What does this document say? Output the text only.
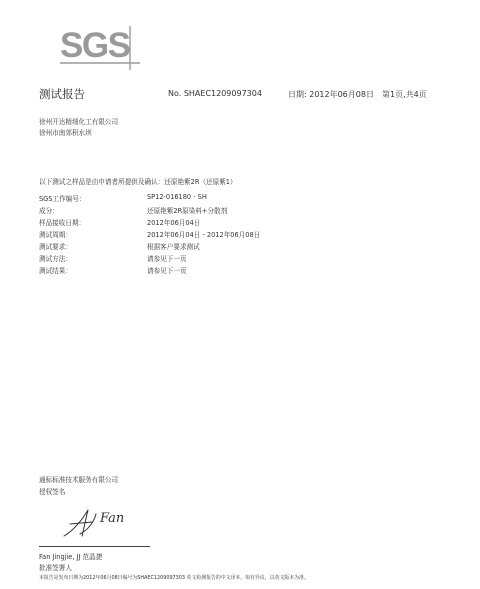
SGS
测试报告	No. SHAEC1209097304	日期: 2012年06月08日 第1页,共4页
徐州开达精细化工有限公司
徐州市南郊积水坝
以下测试之样品是由申请者所提供及确认：还原艳紫2R（还原紫1）
SGS工作编号：	SP12-016180 - SH
成分：	还原艳紫2R原染料+分散剂
样品接收日期：	2012年06月04日
测试周期：	2012年06月04日 - 2012年06月08日
测试要求：	根据客户要求测试
测试方法：	请参见下一页
测试结果：	请参见下一页
通标标准技术服务有限公司
授权签名
Fan
Fan Jingjie, JJ 范晶捷
批准签署人
本报告是发布日期为2012年06月08日编号为SHAEC1209097303 英文检测报告的中文译本。如有异议，以英文版本为准。
